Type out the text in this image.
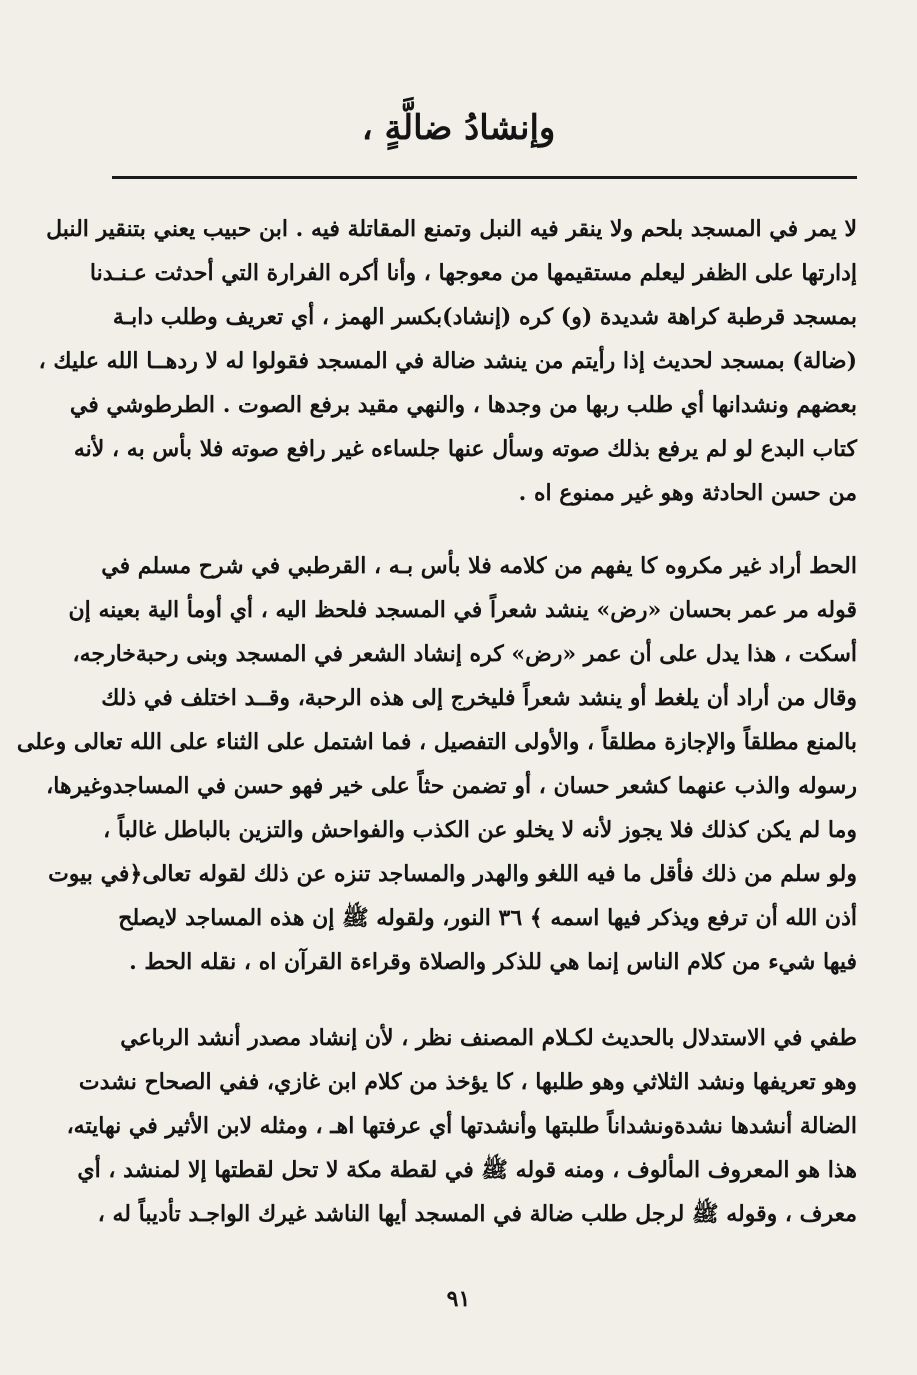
وإنشادُ ضالَّةٍ ،
لا يمر في المسجد بلحم ولا ينقر فيه النبل وتمنع المقاتلة فيه . ابن حبيب يعني بتنقير النبل
إدارتها على الظفر ليعلم مستقيمها من معوجها ، وأنا أكره الفرارة التي أحدثت عـنـدنا
بمسجد قرطبة كراهة شديدة (و) كره (إنشاد)بكسر الهمز ، أي تعريف وطلب دابـة
(ضالة) بمسجد لحديث إذا رأيتم من ينشد ضالة في المسجد فقولوا له لا ردهــا الله عليك ،
بعضهم ونشدانها أي طلب ربها من وجدها ، والنهي مقيد برفع الصوت . الطرطوشي في
كتاب البدع لو لم يرفع بذلك صوته وسأل عنها جلساءه غير رافع صوته فلا بأس به ، لأنه
من حسن الحادثة وهو غير ممنوع اه .
الحط أراد غير مكروه كا يفهم من كلامه فلا بأس بـه ، القرطبي في شرح مسلم في
قوله مر عمر بحسان «رض» ينشد شعراً في المسجد فلحظ اليه ، أي أومأ الية بعينه إن
أسكت ، هذا يدل على أن عمر «رض» كره إنشاد الشعر في المسجد وبنى رحبةخارجه،
وقال من أراد أن يلغط أو ينشد شعراً فليخرج إلى هذه الرحبة، وقــد اختلف في ذلك
بالمنع مطلقاً والإجازة مطلقاً ، والأولى التفصيل ، فما اشتمل على الثناء على الله تعالى وعلى
رسوله والذب عنهما كشعر حسان ، أو تضمن حثاً على خير فهو حسن في المساجدوغيرها،
وما لم يكن كذلك فلا يجوز لأنه لا يخلو عن الكذب والفواحش والتزين بالباطل غالباً ،
ولو سلم من ذلك فأقل ما فيه اللغو والهدر والمساجد تنزه عن ذلك لقوله تعالى﴿في بيوت
أذن الله أن ترفع ويذكر فيها اسمه ﴾ ٣٦ النور، ولقوله ﷺ إن هذه المساجد لايصلح
فيها شيء من كلام الناس إنما هي للذكر والصلاة وقراءة القرآن اه ، نقله الحط .
طفي في الاستدلال بالحديث لكـلام المصنف نظر ، لأن إنشاد مصدر أنشد الرباعي
وهو تعريفها ونشد الثلاثي وهو طلبها ، كا يؤخذ من كلام ابن غازي، ففي الصحاح نشدت
الضالة أنشدها نشدةونشداناً طلبتها وأنشدتها أي عرفتها اهـ ، ومثله لابن الأثير في نهايته،
هذا هو المعروف المألوف ، ومنه قوله ﷺ في لقطة مكة لا تحل لقطتها إلا لمنشد ، أي
معرف ، وقوله ﷺ لرجل طلب ضالة في المسجد أيها الناشد غيرك الواجـد تأديباً له ،
٩١
